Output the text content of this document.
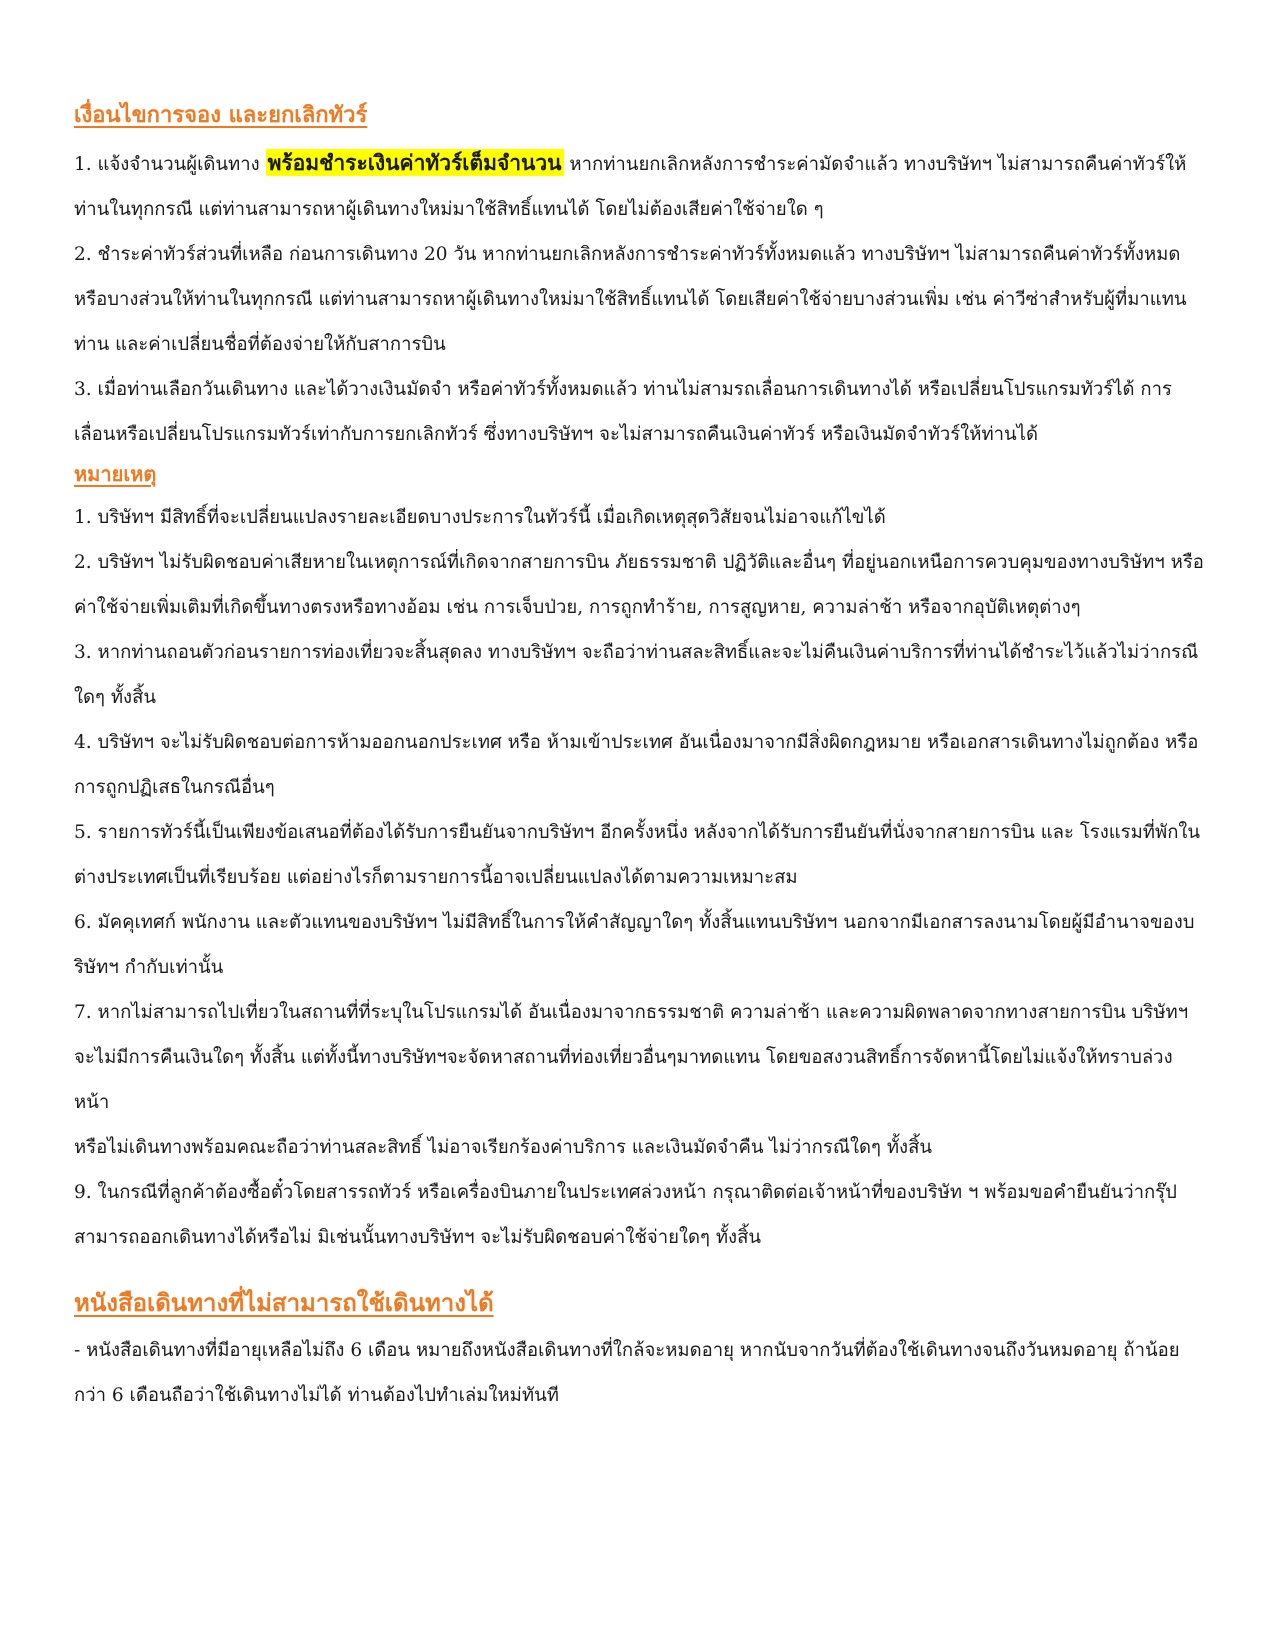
เงื่อนไขการจอง และยกเลิกทัวร์

1. แจ้งจำนวนผู้เดินทาง พร้อมชำระเงินค่าทัวร์เต็มจำนวน หากท่านยกเลิกหลังการชำระค่ามัดจำแล้ว ทางบริษัทฯ ไม่สามารถคืนค่าทัวร์ให้ท่านในทุกกรณี แต่ท่านสามารถหาผู้เดินทางใหม่มาใช้สิทธิ์แทนได้ โดยไม่ต้องเสียค่าใช้จ่ายใด ๆ

2. ชำระค่าทัวร์ส่วนที่เหลือ ก่อนการเดินทาง 20 วัน หากท่านยกเลิกหลังการชำระค่าทัวร์ทั้งหมดแล้ว ทางบริษัทฯ ไม่สามารถคืนค่าทัวร์ทั้งหมด หรือบางส่วนให้ท่านในทุกกรณี แต่ท่านสามารถหาผู้เดินทางใหม่มาใช้สิทธิ์แทนได้ โดยเสียค่าใช้จ่ายบางส่วนเพิ่ม เช่น ค่าวีซ่าสำหรับผู้ที่มาแทนท่าน และค่าเปลี่ยนชื่อที่ต้องจ่ายให้กับสาการบิน

3. เมื่อท่านเลือกวันเดินทาง และได้วางเงินมัดจำ หรือค่าทัวร์ทั้งหมดแล้ว ท่านไม่สามรถเลื่อนการเดินทางได้ หรือเปลี่ยนโปรแกรมทัวร์ได้ การเลื่อนหรือเปลี่ยนโปรแกรมทัวร์เท่ากับการยกเลิกทัวร์ ซึ่งทางบริษัทฯ จะไม่สามารถคืนเงินค่าทัวร์ หรือเงินมัดจำทัวร์ให้ท่านได้

หมายเหตุ

1. บริษัทฯ มีสิทธิ์ที่จะเปลี่ยนแปลงรายละเอียดบางประการในทัวร์นี้ เมื่อเกิดเหตุสุดวิสัยจนไม่อาจแก้ไขได้

2. บริษัทฯ ไม่รับผิดชอบค่าเสียหายในเหตุการณ์ที่เกิดจากสายการบิน ภัยธรรมชาติ ปฏิวัติและอื่นๆ ที่อยู่นอกเหนือการควบคุมของทางบริษัทฯ หรือค่าใช้จ่ายเพิ่มเติมที่เกิดขึ้นทางตรงหรือทางอ้อม เช่น การเจ็บป่วย, การถูกทำร้าย, การสูญหาย, ความล่าช้า หรือจากอุบัติเหตุต่างๆ

3. หากท่านถอนตัวก่อนรายการท่องเที่ยวจะสิ้นสุดลง ทางบริษัทฯ จะถือว่าท่านสละสิทธิ์และจะไม่คืนเงินค่าบริการที่ท่านได้ชำระไว้แล้วไม่ว่ากรณีใดๆ ทั้งสิ้น

4. บริษัทฯ จะไม่รับผิดชอบต่อการห้ามออกนอกประเทศ หรือ ห้ามเข้าประเทศ อันเนื่องมาจากมีสิ่งผิดกฎหมาย หรือเอกสารเดินทางไม่ถูกต้อง หรือ การถูกปฏิเสธในกรณีอื่นๆ

5. รายการทัวร์นี้เป็นเพียงข้อเสนอที่ต้องได้รับการยืนยันจากบริษัทฯ อีกครั้งหนึ่ง หลังจากได้รับการยืนยันที่นั่งจากสายการบิน และ โรงแรมที่พักในต่างประเทศเป็นที่เรียบร้อย แต่อย่างไรก็ตามรายการนี้อาจเปลี่ยนแปลงได้ตามความเหมาะสม

6. มัคคุเทศก์ พนักงาน และตัวแทนของบริษัทฯ ไม่มีสิทธิ์ในการให้คำสัญญาใดๆ ทั้งสิ้นแทนบริษัทฯ นอกจากมีเอกสารลงนามโดยผู้มีอำนาจของบริษัทฯ กำกับเท่านั้น

7. หากไม่สามารถไปเที่ยวในสถานที่ที่ระบุในโปรแกรมได้ อันเนื่องมาจากธรรมชาติ ความล่าช้า และความผิดพลาดจากทางสายการบิน บริษัทฯ จะไม่มีการคืนเงินใดๆ ทั้งสิ้น แต่ทั้งนี้ทางบริษัทฯจะจัดหาสถานที่ท่องเที่ยวอื่นๆมาทดแทน โดยขอสงวนสิทธิ์การจัดหานี้โดยไม่แจ้งให้ทราบล่วงหน้า

หรือไม่เดินทางพร้อมคณะถือว่าท่านสละสิทธิ์ ไม่อาจเรียกร้องค่าบริการ และเงินมัดจำคืน ไม่ว่ากรณีใดๆ ทั้งสิ้น

9. ในกรณีที่ลูกค้าต้องซื้อตั๋วโดยสารรถทัวร์ หรือเครื่องบินภายในประเทศล่วงหน้า กรุณาติดต่อเจ้าหน้าที่ของบริษัท ฯ พร้อมขอคำยืนยันว่ากรุ๊ปสามารถออกเดินทางได้หรือไม่ มิเช่นนั้นทางบริษัทฯ จะไม่รับผิดชอบค่าใช้จ่ายใดๆ ทั้งสิ้น

หนังสือเดินทางที่ไม่สามารถใช้เดินทางได้

- หนังสือเดินทางที่มีอายุเหลือไม่ถึง 6 เดือน หมายถึงหนังสือเดินทางที่ใกล้จะหมดอายุ หากนับจากวันที่ต้องใช้เดินทางจนถึงวันหมดอายุ ถ้าน้อยกว่า 6 เดือนถือว่าใช้เดินทางไม่ได้ ท่านต้องไปทำเล่มใหม่ทันที
